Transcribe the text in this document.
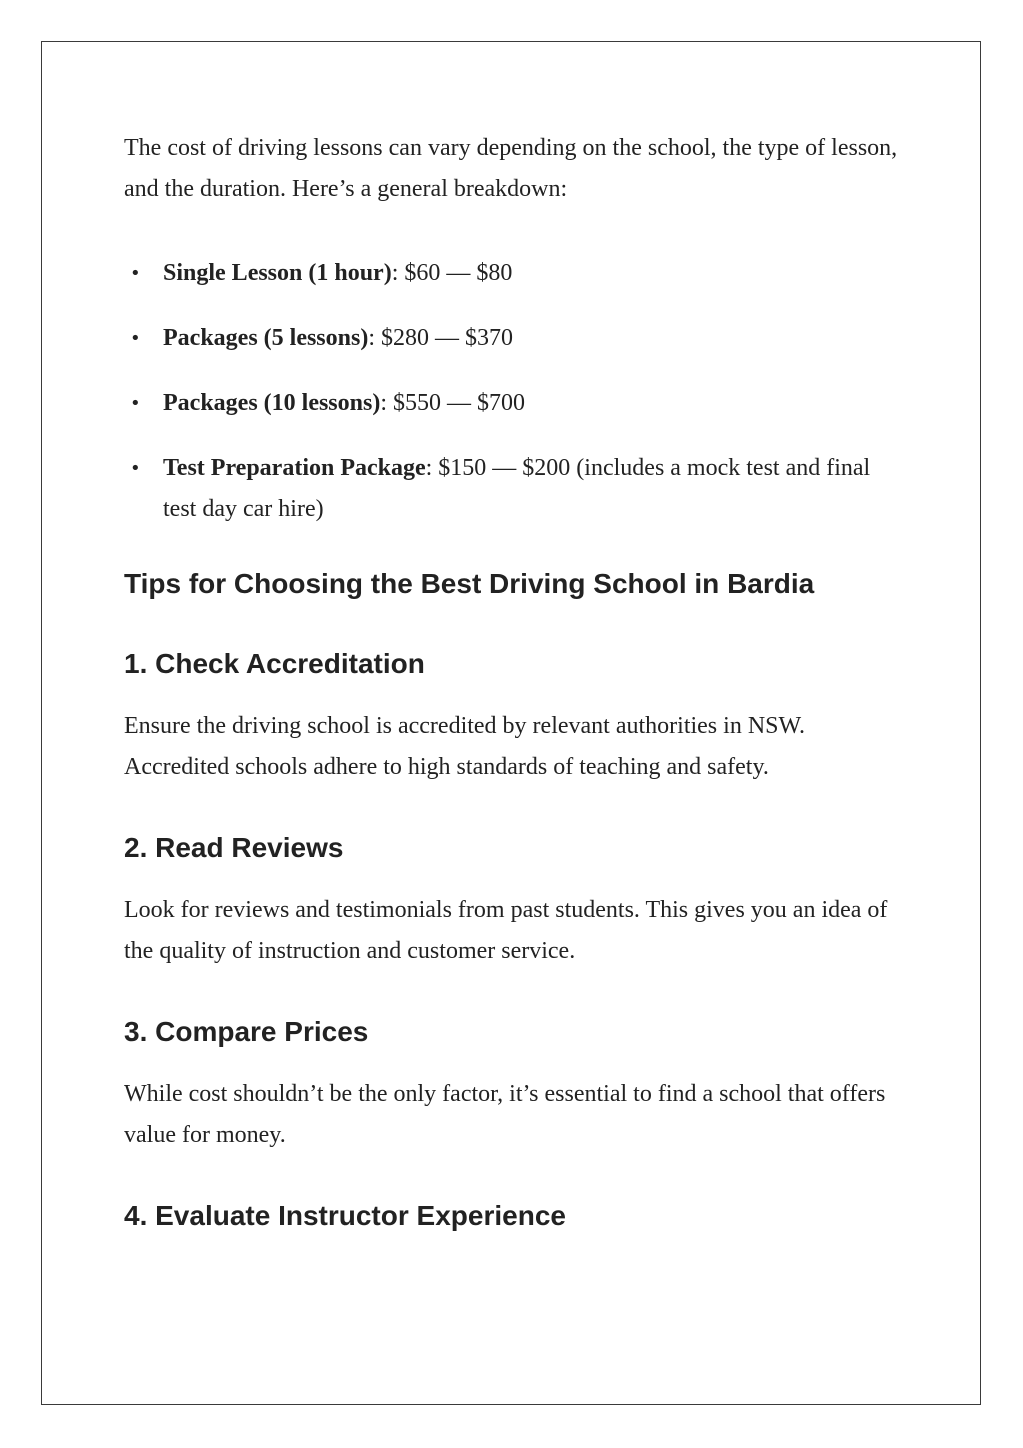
The cost of driving lessons can vary depending on the school, the type of lesson, and the duration. Here’s a general breakdown:

• Single Lesson (1 hour): $60 — $80
• Packages (5 lessons): $280 — $370
• Packages (10 lessons): $550 — $700
• Test Preparation Package: $150 — $200 (includes a mock test and final test day car hire)
Tips for Choosing the Best Driving School in Bardia
1. Check Accreditation

Ensure the driving school is accredited by relevant authorities in NSW. Accredited schools adhere to high standards of teaching and safety.

2. Read Reviews

Look for reviews and testimonials from past students. This gives you an idea of the quality of instruction and customer service.

3. Compare Prices

While cost shouldn’t be the only factor, it’s essential to find a school that offers value for money.

4. Evaluate Instructor Experience
